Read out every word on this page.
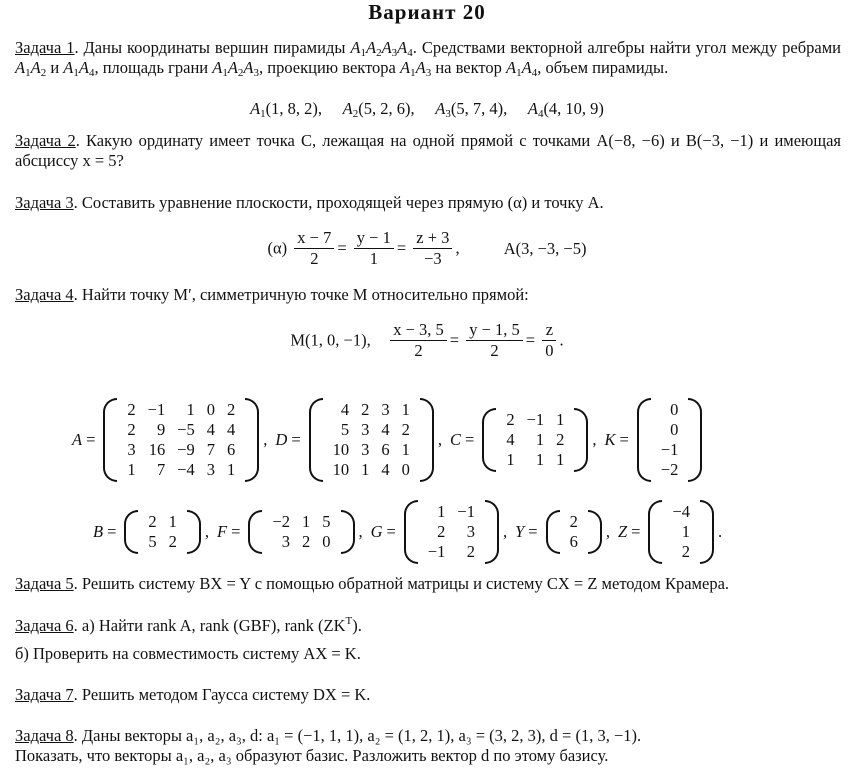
Вариант 20
Задача 1. Даны координаты вершин пирамиды $A_1A_2A_3A_4$. Средствами векторной алгебры найти угол между ребрами $A_1A_2$ и $A_1A_4$, площадь грани $A_1A_2A_3$, проекцию вектора $A_1A_3$ на вектор $A_1A_4$, объем пирамиды.
$A_1(1$, 8, 2), $A_2(5$, 2, 6), $A_3(5$, 7, 4), $A_4(4$, 10, 9)
Задача 2. Какую ординату имеет точка C, лежащая на одной прямой с точками A(−8, −6) и B(−3, −1) и имеющая абсциссу x = 5?
Задача 3. Составить уравнение плоскости, проходящей через прямую (α) и точку A.
$(\alpha) \frac{x - 7}{2} = \frac{y - 1}{1} = \frac{z + 3}{-3}$ ,	A(3, −3, −5)
Задача 4. Найти точку M′, симметричную точке M относительно прямой:
M(1, 0, −1), $\frac{x - 3, 5}{2} = \frac{y - 1, 5}{2} = \frac{z}{0}$ .
A =
2	−1	1	0	2
2	9	−5	4	4
3	16	−9	7	6
1	7	−4	3	1
, D =
4	2	3	1
5	3	4	2
10	3	6	1
10	1	4	0
, C =
2	−1	1
4	1	2
1	1	1
, K =
0
0
−1
−2
B =
2	1
5	2
, F =
−2	1	5
3	2	0
, G =
1	−1
2	3
−1	2
, Y =
2
6
, Z =
−4
1
2
.
Задача 5. Решить систему BX = Y с помощью обратной матрицы и систему CX = Z методом Крамера.
Задача 6. а) Найти rank A, rank (GBF), rank $(ZK^T)$.
б) Проверить на совместимость систему AX = K.
Задача 7. Решить методом Гаусса систему DX = K.
Задача 8. Даны векторы a₁, a₂, a₃, d: a₁ = (−1, 1, 1), a₂ = (1, 2, 1), a₃ = (3, 2, 3), d = (1, 3, −1).
Показать, что векторы a₁, a₂, a₃ образуют базис. Разложить вектор d по этому базису.
